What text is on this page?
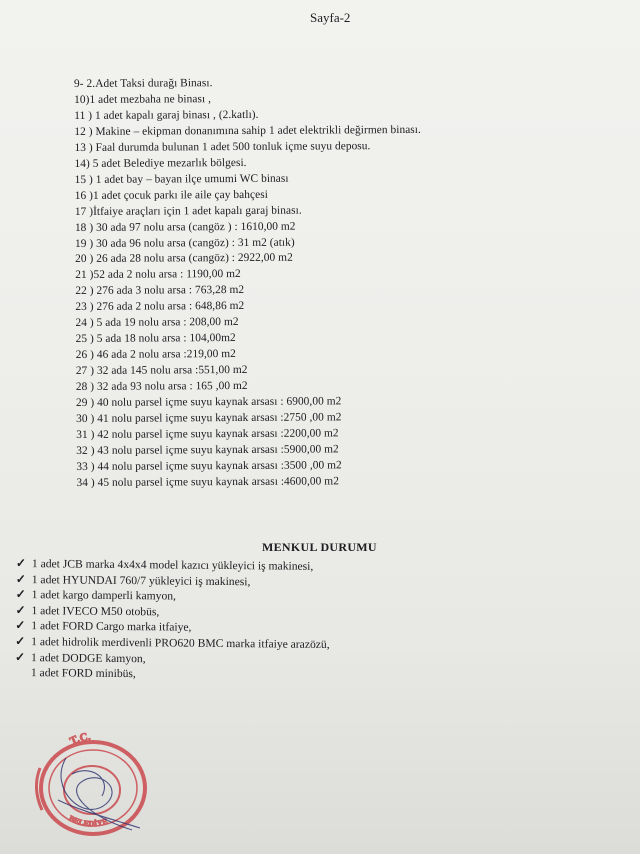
Sayfa-2
9- 2.Adet Taksi durağı Binası.
10)1 adet mezbaha ne binası ,
11 ) 1 adet kapalı garaj binası , (2.katlı).
12 ) Makine – ekipman donanımına sahip 1 adet elektrikli değirmen binası.
13 ) Faal durumda bulunan 1 adet 500 tonluk içme suyu deposu.
14) 5 adet Belediye mezarlık bölgesi.
15 ) 1 adet bay – bayan ilçe umumi WC binası
16 )1 adet çocuk parkı ile aile çay bahçesi
17 )İtfaiye araçları için 1 adet kapalı garaj binası.
18 ) 30 ada 97 nolu arsa (cangöz ) : 1610,00 m2
19 ) 30 ada 96 nolu arsa (cangöz) : 31 m2 (atık)
20 ) 26 ada 28 nolu arsa (cangöz) : 2922,00 m2
21 )52 ada 2 nolu arsa : 1190,00 m2
22 ) 276 ada 3 nolu arsa : 763,28 m2
23 ) 276 ada 2 nolu arsa : 648,86 m2
24 ) 5 ada 19 nolu arsa : 208,00 m2
25 ) 5 ada 18 nolu arsa : 104,00m2
26 ) 46 ada 2 nolu arsa :219,00 m2
27 ) 32 ada 145 nolu arsa :551,00 m2
28 ) 32 ada 93 nolu arsa : 165 ,00 m2
29 ) 40 nolu parsel içme suyu kaynak arsası : 6900,00 m2
30 ) 41 nolu parsel içme suyu kaynak arsası :2750 ,00 m2
31 ) 42 nolu parsel içme suyu kaynak arsası :2200,00 m2
32 ) 43 nolu parsel içme suyu kaynak arsası :5900,00 m2
33 ) 44 nolu parsel içme suyu kaynak arsası :3500 ,00 m2
34 ) 45 nolu parsel içme suyu kaynak arsası :4600,00 m2
MENKUL DURUMU
✓ 1 adet JCB marka 4x4x4 model kazıcı yükleyici iş makinesi,
✓ 1 adet HYUNDAI 760/7 yükleyici iş makinesi,
✓ 1 adet kargo damperli kamyon,
✓ 1 adet IVECO M50 otobüs,
✓ 1 adet FORD Cargo marka itfaiye,
✓ 1 adet hidrolik merdivenli PRO620 BMC marka itfaiye arazözü,
✓ 1 adet DODGE kamyon,
1 adet FORD minibüs,
T.C.
BELEDİYE
